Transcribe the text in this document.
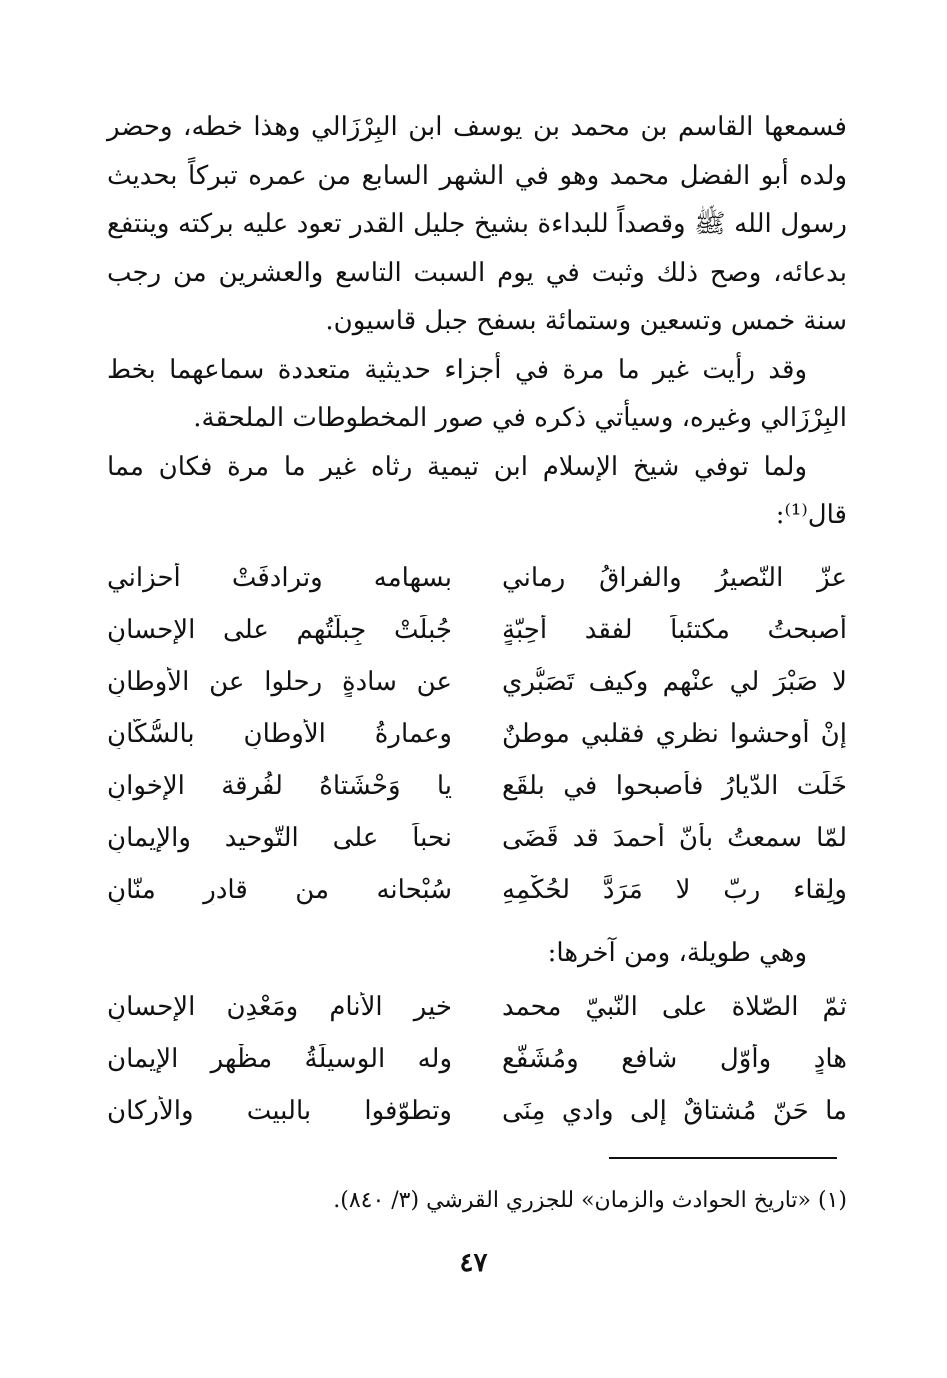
فسمعها القاسم بن محمد بن يوسف ابن البِرْزَالي وهذا خطه، وحضر ولده أبو الفضل محمد وهو في الشهر السابع من عمره تبركاً بحديث رسول الله ﷺ وقصداً للبداءة بشيخ جليل القدر تعود عليه بركته وينتفع بدعائه، وصح ذلك وثبت في يوم السبت التاسع والعشرين من رجب سنة خمس وتسعين وستمائة بسفح جبل قاسيون.

وقد رأيت غير ما مرة في أجزاء حديثية متعددة سماعهما بخط البِرْزَالي وغيره، وسيأتي ذكره في صور المخطوطات الملحقة.

ولما توفي شيخ الإسلام ابن تيمية رثاه غير ما مرة فكان مما قال⁽¹⁾:

عزّ النّصيرُ والفراقُ رماني
بسهامه وترادفَتْ أحزاني
أصبحتُ مكتئباً لفقد أحِبّةٍ
جُبلَتْ جِبلّتُهم على الإحسانِ
لا صَبْرَ لي عنْهم وكيف تَصَبُّري
عن سادةٍ رحلوا عن الأوطانِ
إنْ أوحشوا نظري فقلبي موطنٌ
وعمارةُ الأوطانِ بالسُّكّانِ
خَلَت الدّيارُ فأصبحوا في بلقَعٍ
يا وَحْشَتاهُ لفُرقة الإخوانِ
لمّا سمعتُ بأنّ أحمدَ قد قَضَى
نحباً على التّوحيد والإيمانِ
ولِقاء ربّ لا مَرَدَّ لحُكْمِهِ
سُبْحانه من قادرٍ منّانِ
وهي طويلة، ومن آخرها:
ثمّ الصّلاة على النّبيّ محمد
خير الأنام ومَعْدِن الإحسانِ
هادٍ وأوّل شافعٍ ومُشَفَّعٍ
وله الوسيلَةُ مظْهر الإيمان
ما حَنّ مُشتاقٌ إلى وادي مِنَى
وتطوّفوا بالبيت والأركان
(١) «تاريخ الحوادث والزمان» للجزري القرشي (٣/ ٨٤٠).
٤٧
